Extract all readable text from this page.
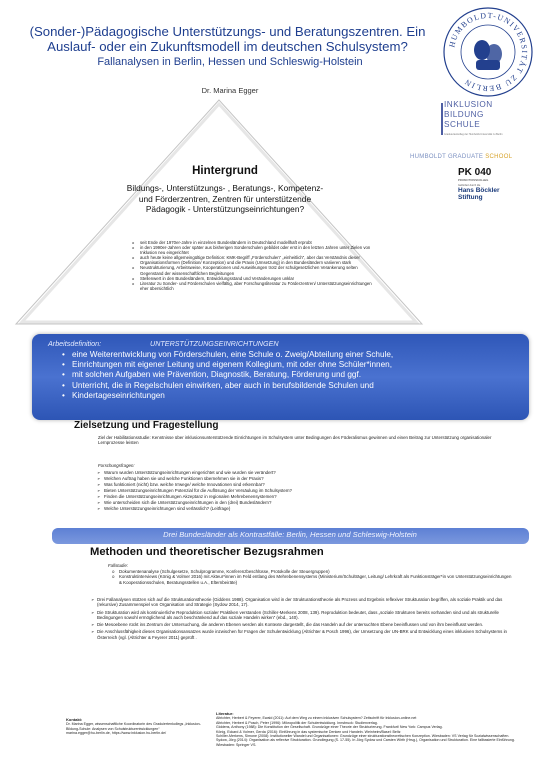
(Sonder-)Pädagogische Unterstützungs- und Beratungszentren. Ein Auslauf- oder ein Zukunftsmodell im deutschen Schulsystem?
Fallanalysen in Berlin, Hessen und Schleswig-Holstein
Dr. Marina Egger
HUMBOLDT-UNIVERSITÄT ZU BERLIN
INKLUSION
BILDUNG
SCHULE
Graduiertenkolleg der Humboldt-Universität zu Berlin
HUMBOLDT GRADUATE SCHOOL
PK 040
PROMOTIONSKOLLEG
Gefördert durch die
Hans Böckler
Stiftung
Hintergrund
Bildungs-, Unterstützungs- , Beratungs-, Kompetenz- und Förderzentren, Zentren für unterstützende Pädagogik - Unterstützungseinrichtungen?
o seit Ende der 1970er-Jahre in einzelnen Bundesländern in Deutschland modellhaft erprobt
o in den 1990er-Jahren oder später aus bisherigen Sonderschulen gebildet oder erst in den letzten Jahren unter Zielen von Inklusion neu eingerichtet
o auch heute keine allgemeingültige Definition: KMK-Begriff „Förderschulen“ „einheitlich“, aber das Verständnis dieser Organisationsformen (Definition/ Konzeption) und die Praxis (Umsetzung) in den Bundesländern variieren stark
o Neustrukturierung, Arbeitsweise, Kooperationen und Auswirkungen trotz der schulgesetzlichen Verankerung selten Gegenstand der wissenschaftlichen Begleitungen
o Stellenwert in den Bundesländern, Entwicklungsstand und Veränderungen unklar
o Literatur zu Sonder- und Förderschulen vielfältig, aber Forschungsliteratur zu Förderzentren/ Unterstützungseinrichtungen eher übersichtlich
Arbeitsdefinition:	UNTERSTÜTZUNGSEINRICHTUNGEN
• eine Weiterentwicklung von Förderschulen, eine Schule o. Zweig/Abteilung einer Schule,
• Einrichtungen mit eigener Leitung und eigenem Kollegium, mit oder ohne Schüler*innen,
• mit solchen Aufgaben wie Prävention, Diagnostik, Beratung, Förderung und ggf.
• Unterricht, die in Regelschulen einwirken, aber auch in berufsbildende Schulen und
• Kindertageseinrichtungen
Zielsetzung und Fragestellung
Ziel der Habilitationsstudie: Kenntnisse über inklusionsunterstützende Einrichtungen im Schulsystem unter Bedingungen des Föderalismus gewinnen und einen Beitrag zur Unterstützung organisationaler Lernprozesse leisten
Forschungsfragen:
➢ Warum wurden Unterstützungseinrichtungen eingerichtet und wie wurden sie verändert?
➢ Welchen Auftrag haben sie und welche Funktionen übernehmen sie in der Praxis?
➢ Was funktioniert (nicht) bzw. welche Irrwege/ welche Innovationen sind erkennbar?
➢ Bieten Unterstützungseinrichtungen Potenzial für die Auflösung der Versäulung im Schulsystem?
➢ Finden die Unterstützungseinrichtungen Akzeptanz in regionalen Mehrebenensystemen?
➢ Wie unterscheiden sich die Unterstützungseinrichtungen in den (drei) Bundesländern?
➢ Welche Unterstützungseinrichtungen sind verlässlich? (Leitfrage)
Drei Bundesländer als Kontrastfälle: Berlin, Hessen und Schleswig-Holstein
Methoden und theoretischer Bezugsrahmen
Fallstudie:
o Dokumentenanalyse (Schulgesetze, Schulprogramme, Konferenzbeschlüsse, Protokolle der Steuergruppen)
o Konstruktinterviews (König & Volmer 2016) mit Akteur*innen im Feld entlang des Mehrebenensystems (Ministerium/Schulträger, Leitung/ Lehrkraft als Funktionsträger*in von Unterstützungseinrichtungen & Kooperationsschulen, Beratungsstellen u.A., Elternbeiräte)

➢ Drei Fallanalysen stützen sich auf die Strukturationstheorie (Giddens 1988). Organisation wird in der Strukturationstheorie als Prozess und Ergebnis reflexiver Strukturation begriffen, als soziale Praktik und das (rekursive) Zusammenspiel von Organisation und Strategie (Sydow 2014, 17).

➢ Die Strukturation wird als kontinuierliche Reproduktion sozialer Praktiken verstanden (Schiller-Merkens 2008, 139). Reproduktion bedeutet, dass „soziale Strukturen bereits vorhanden sind und als strukturelle Bedingungen sowohl ermöglichend als auch beschränkend auf das soziale Handeln wirken“ (ebd., 140).

➢ Die Mesoebene rückt ins Zentrum der Untersuchung, die anderen Ebenen werden als Kontexte dargestellt, die das Handeln auf der untersuchten Ebene beeinflussen und von ihm beeinflusst werden.

➢ Die Anschlussfähigkeit dieses Organisationsansatzes wurde inzwischen für Fragen der Schulentwicklung (Altrichter & Posch 1996), der Umsetzung der UN-BRK und Entwicklung eines inklusiven Schulsystems in Österreich (vgl. (Altrichter & Feyerer 2011) geprüft .

Kontakt:
Dr. Marina Egger, wissenschaftliche Koordinatorin des Graduiertenkollegs „Inklusion-Bildung-Schule: Analysen von Schulstrukturentwicklungen“
marina.egger@hu-berlin.de, https://www.inklusion.hu-berlin.de/
Literatur:
Altrichter, Herbert & Feyerer, Ewald (2011): Auf dem Weg zu einem inklusiven Schulsystem? Zeitschrift für Inklusion-online.net
Altrichter, Herbert & Posch, Peter (1996): Mikropolitik der Schulentwicklung. Innsbruck: Studienverlag.
Giddens, Anthony (1988): Die Konstitution der Gesellschaft. Grundzüge einer Theorie der Strukturierung. Frankfurt/ New York: Campus Verlag.
König, Eckard & Volmer, Gerda (2016): Einführung in das systemische Denken und Handeln. Weinheim/Basel: Beltz
Schiller-Merkens, Simone (2008): Institutioneller Wandel und Organisationen: Grundzüge einer strukturationstheoretischen Konzeption. Wiesbaden: VS Verlag für Sozialwissenschaften.
Sydow, Jörg (2014): Organisation als reflexive Strukturation. Grundlegung (S. 17-55). In Jörg Sydow und Carsten Wirth (Hrsg.), Organisation und Strukturation. Eine fallbasierte Einführung. Wiesbaden: Springer VS.
